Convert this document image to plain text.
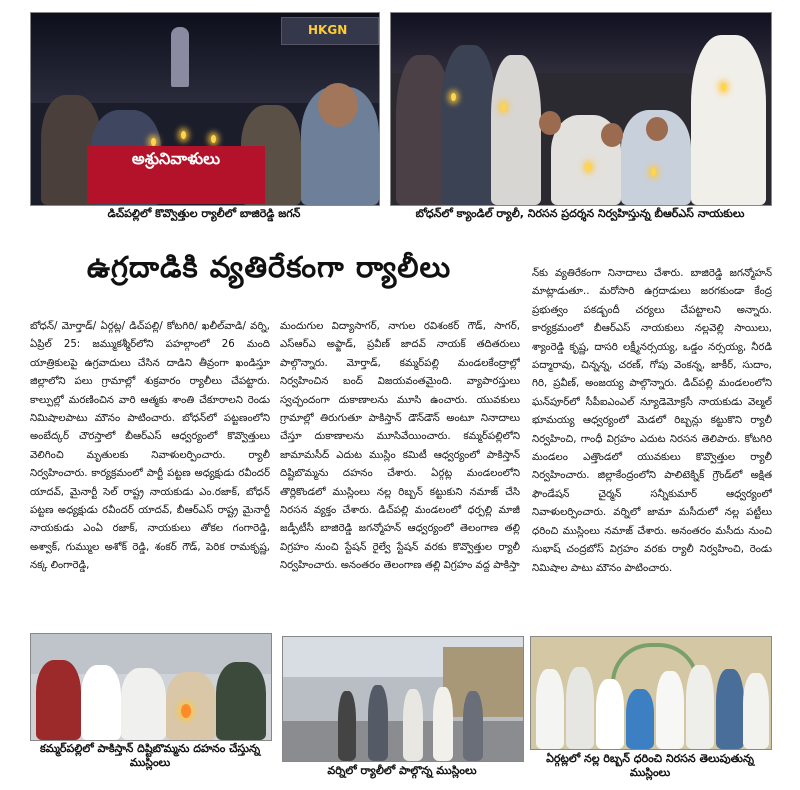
HKGN
అశ్రునివాళులు
డిచ్‌పల్లిలో కొవ్వొత్తుల ర్యాలీలో బాజిరెడ్డి జగన్	బోధన్‌లో క్యాండిల్ ర్యాలీ, నిరసన ప్రదర్శన నిర్వహిస్తున్న బీఆర్ఎస్ నాయకులు
ఉగ్రదాడికి వ్యతిరేకంగా ర్యాలీలు

బోధన్/ మోర్తాడ్/ ఏర్గట్ల/ డిచ్‌పల్లి/ కోటగిరి/ ఖలీల్‌వాడి/ వర్ని, ఏప్రిల్ 25: జమ్ముకశ్మీర్‌లోని పహల్గాంలో 26 మంది యాత్రికులపై ఉగ్రవాదులు చేసిన దాడిని తీవ్రంగా ఖండిస్తూ జిల్లాలోని పలు గ్రామాల్లో శుక్రవారం ర్యాలీలు చేపట్టారు. కాల్పుల్లో మరణించిన వారి ఆత్మకు శాంతి చేకూరాలని రెండు నిమిషాలపాటు మౌనం పాటించారు. బోధన్‌లో పట్టణంలోని అంబేద్కర్ చౌరస్తాలో బీఆర్ఎస్ ఆధ్వర్యంలో కొవ్వొత్తులు వెలిగించి మృతులకు నివాళులర్పించారు. ర్యాలీ నిర్వహించారు. కార్యక్రమంలో పార్టీ పట్టణ అధ్యక్షుడు రవీందర్ యాదవ్, మైనార్టీ సెల్ రాష్ట్ర నాయకుడు ఎం.రజాక్, బోధన్ పట్టణ అధ్యక్షుడు రవీందర్ యాదవ్, బీఆర్ఎస్ రాష్ట్ర మైనార్టీ నాయకుడు ఎంఏ రజాక్, నాయకులు తోకల గంగారెడ్డి, అశ్వాక్, గుమ్ముల అశోక్ రెడ్డి, శంకర్ గౌడ్, పెరిక రామకృష్ణ, నక్క లింగారెడ్డి,

మందుగుల విద్యాసాగర్, నాగుల రవిశంకర్ గౌడ్, సాగర్, ఎస్ఆర్ఎ అఫ్జాడ్, ప్రవీణ్ జాదవ్ నాయక్ తదితరులు పాల్గొన్నారు. మోర్తాడ్, కమ్మర్‌పల్లి మండలకేంద్రాల్లో నిర్వహించిన బంద్ విజయవంతమైంది. వ్యాపారస్తులు స్వచ్ఛందంగా దుకాణాలను మూసి ఉంచారు. యువకులు గ్రామాల్లో తిరుగుతూ పాకిస్తాన్ డౌన్‌డౌన్ అంటూ నినాదాలు చేస్తూ దుకాణాలను మూసివేయించారు. కమ్మర్‌పల్లిలోని జామామసీద్ ఎదుట ముస్లిం కమిటీ ఆధ్వర్యంలో పాకిస్తాన్ దిష్టిబొమ్మను దహనం చేశారు. ఏర్గట్ల మండలంలోని తొర్లికొండలో ముస్లింలు నల్ల రిబ్బన్ కట్టుకుని నమాజ్ చేసి నిరసన వ్యక్తం చేశారు. డిచ్‌పల్లి మండలంలో ధర్పల్లి మాజీ జడ్పీటీసీ బాజిరెడ్డి జగన్మోహన్ ఆధ్వర్యంలో తెలంగాణ తల్లి విగ్రహం నుంచి స్టేషన్ రైల్వే స్టేషన్ వరకు కొవ్వొత్తుల ర్యాలీ నిర్వహించారు. అనంతరం తెలంగాణ తల్లి విగ్రహం వద్ద పాకిస్తా

న్‌కు వ్యతిరేకంగా నినాదాలు చేశారు. బాజిరెడ్డి జగన్మోహన్ మాట్లాడుతూ.. మరోసారి ఉగ్రదాడులు జరగకుండా కేంద్ర ప్రభుత్వం పకడ్బందీ చర్యలు చేపట్టాలని అన్నారు. కార్యక్రమంలో బీఆర్ఎస్ నాయకులు నల్లవెల్లి సాయిలు, శ్యాంరెడ్డి కృష్ణ, దాసరి లక్ష్మీనర్సయ్య, ఒడ్డం నర్సయ్య, నీరడి పద్మారావు, చిన్నన్న, చరణ్, గోపు వెంకన్న, జాకీర్, సుదాం, గిరి, ప్రవీణ్, అంజయ్య పాల్గొన్నారు. డిచ్‌పల్లి మండలంలోని ఘన్‌పూర్‌లో సీపీఐఎంఎల్ న్యూడెమోక్రసీ నాయకుడు వెల్మల్ భూమయ్య ఆధ్వర్యంలో మెడలో రిబ్బన్లు కట్టుకొని ర్యాలీ నిర్వహించి, గాంధీ విగ్రహం ఎదుట నిరసన తెలిపారు. కోటగిరి మండలం ఎత్తొండలో యువకులు కొవ్వొత్తుల ర్యాలీ నిర్వహించారు. జిల్లాకేంద్రంలోని పాలిటెక్నిక్ గ్రౌండ్‌లో అక్షిత ఫౌండేషన్ చైర్మన్ సన్నీకుమార్ ఆధ్వర్యంలో నివాళులర్పించారు. వర్నిలో జామా మసీదులో నల్ల పట్టీలు ధరించి ముస్లింలు నమాజ్ చేశారు. అనంతరం మసీదు నుంచి సుభాష్ చంద్రబోస్ విగ్రహం వరకు ర్యాలీ నిర్వహించి, రెండు నిమిషాల పాటు మౌనం పాటించారు.

కమ్మర్‌పల్లిలో పాకిస్తాన్ దిష్టిబొమ్మను దహనం చేస్తున్న ముస్లింలు
వర్నిలో ర్యాలీలో పాల్గొన్న ముస్లింలు
ఏర్గట్లలో నల్ల రిబ్బన్ ధరించి నిరసన తెలుపుతున్న ముస్లింలు
